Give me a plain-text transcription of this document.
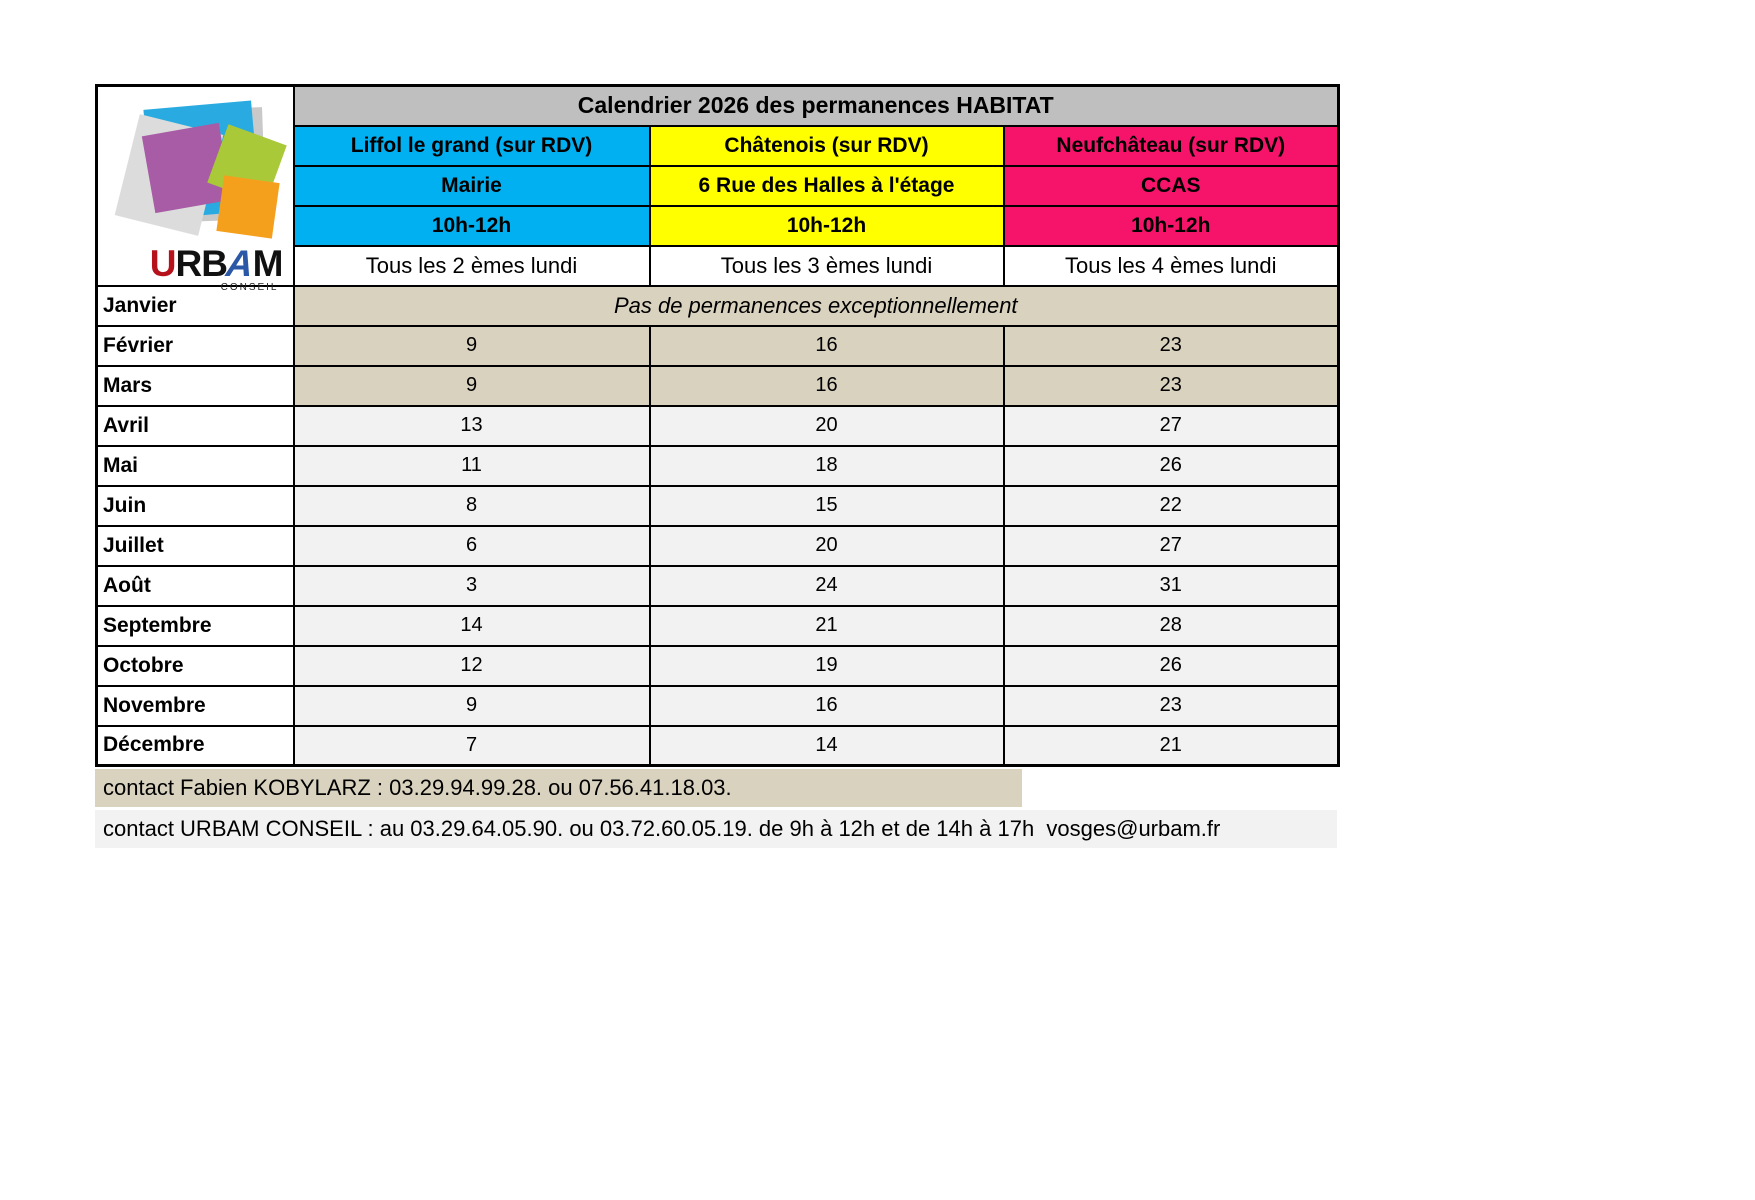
URBAM
CONSEIL	Calendrier 2026 des permanences HABITAT		
	Liffol le grand (sur RDV)	Châtenois (sur RDV)	Neufchâteau (sur RDV)
	Mairie	6 Rue des Halles à l'étage	CCAS
	10h-12h	10h-12h	10h-12h
	Tous les 2 èmes lundi	Tous les 3 èmes lundi	Tous les 4 èmes lundi
Janvier	Pas de permanences exceptionnellement		
Février	9	16	23
Mars	9	16	23
Avril	13	20	27
Mai	11	18	26
Juin	8	15	22
Juillet	6	20	27
Août	3	24	31
Septembre	14	21	28
Octobre	12	19	26
Novembre	9	16	23
Décembre	7	14	21
contact Fabien KOBYLARZ : 03.29.94.99.28. ou 07.56.41.18.03.
contact URBAM CONSEIL : au 03.29.64.05.90. ou 03.72.60.05.19. de 9h à 12h et de 14h à 17h  vosges@urbam.fr
